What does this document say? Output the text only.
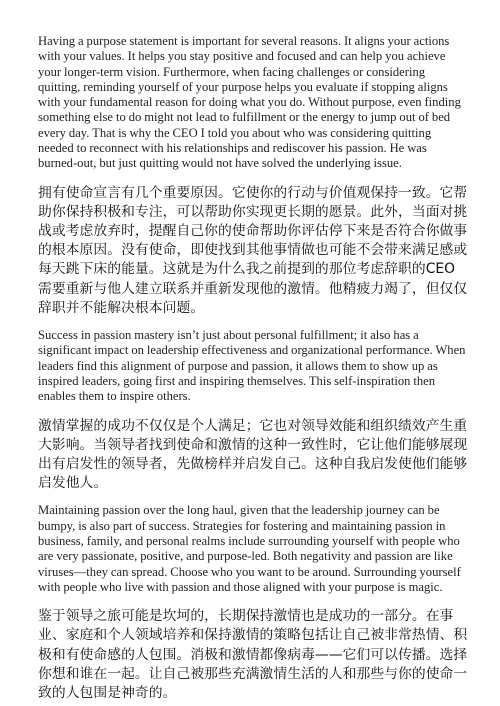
Having a purpose statement is important for several reasons. It aligns your actions with your values. It helps you stay positive and focused and can help you achieve your longer-term vision. Furthermore, when facing challenges or considering quitting, reminding yourself of your purpose helps you evaluate if stopping aligns with your fundamental reason for doing what you do. Without purpose, even finding something else to do might not lead to fulfillment or the energy to jump out of bed every day. That is why the CEO I told you about who was considering quitting needed to reconnect with his relationships and rediscover his passion. He was burned-out, but just quitting would not have solved the underlying issue.

拥有使命宣言有几个重要原因。它使你的行动与价值观保持一致。它帮助你保持积极和专注，可以帮助你实现更长期的愿景。此外，当面对挑战或考虑放弃时，提醒自己你的使命帮助你评估停下来是否符合你做事的根本原因。没有使命，即使找到其他事情做也可能不会带来满足感或每天跳下床的能量。这就是为什么我之前提到的那位考虑辞职的CEO需要重新与他人建立联系并重新发现他的激情。他精疲力竭了，但仅仅辞职并不能解决根本问题。

Success in passion mastery isn’t just about personal fulfillment; it also has a significant impact on leadership effectiveness and organizational performance. When leaders find this alignment of purpose and passion, it allows them to show up as inspired leaders, going first and inspiring themselves. This self-inspiration then enables them to inspire others.

激情掌握的成功不仅仅是个人满足；它也对领导效能和组织绩效产生重大影响。当领导者找到使命和激情的这种一致性时，它让他们能够展现出有启发性的领导者，先做榜样并启发自己。这种自我启发使他们能够启发他人。

Maintaining passion over the long haul, given that the leadership journey can be bumpy, is also part of success. Strategies for fostering and maintaining passion in business, family, and personal realms include surrounding yourself with people who are very passionate, positive, and purpose-led. Both negativity and passion are like viruses—they can spread. Choose who you want to be around. Surrounding yourself with people who live with passion and those aligned with your purpose is magic.

鉴于领导之旅可能是坎坷的，长期保持激情也是成功的一部分。在事业、家庭和个人领域培养和保持激情的策略包括让自己被非常热情、积极和有使命感的人包围。消极和激情都像病毒——它们可以传播。选择你想和谁在一起。让自己被那些充满激情生活的人和那些与你的使命一致的人包围是神奇的。
